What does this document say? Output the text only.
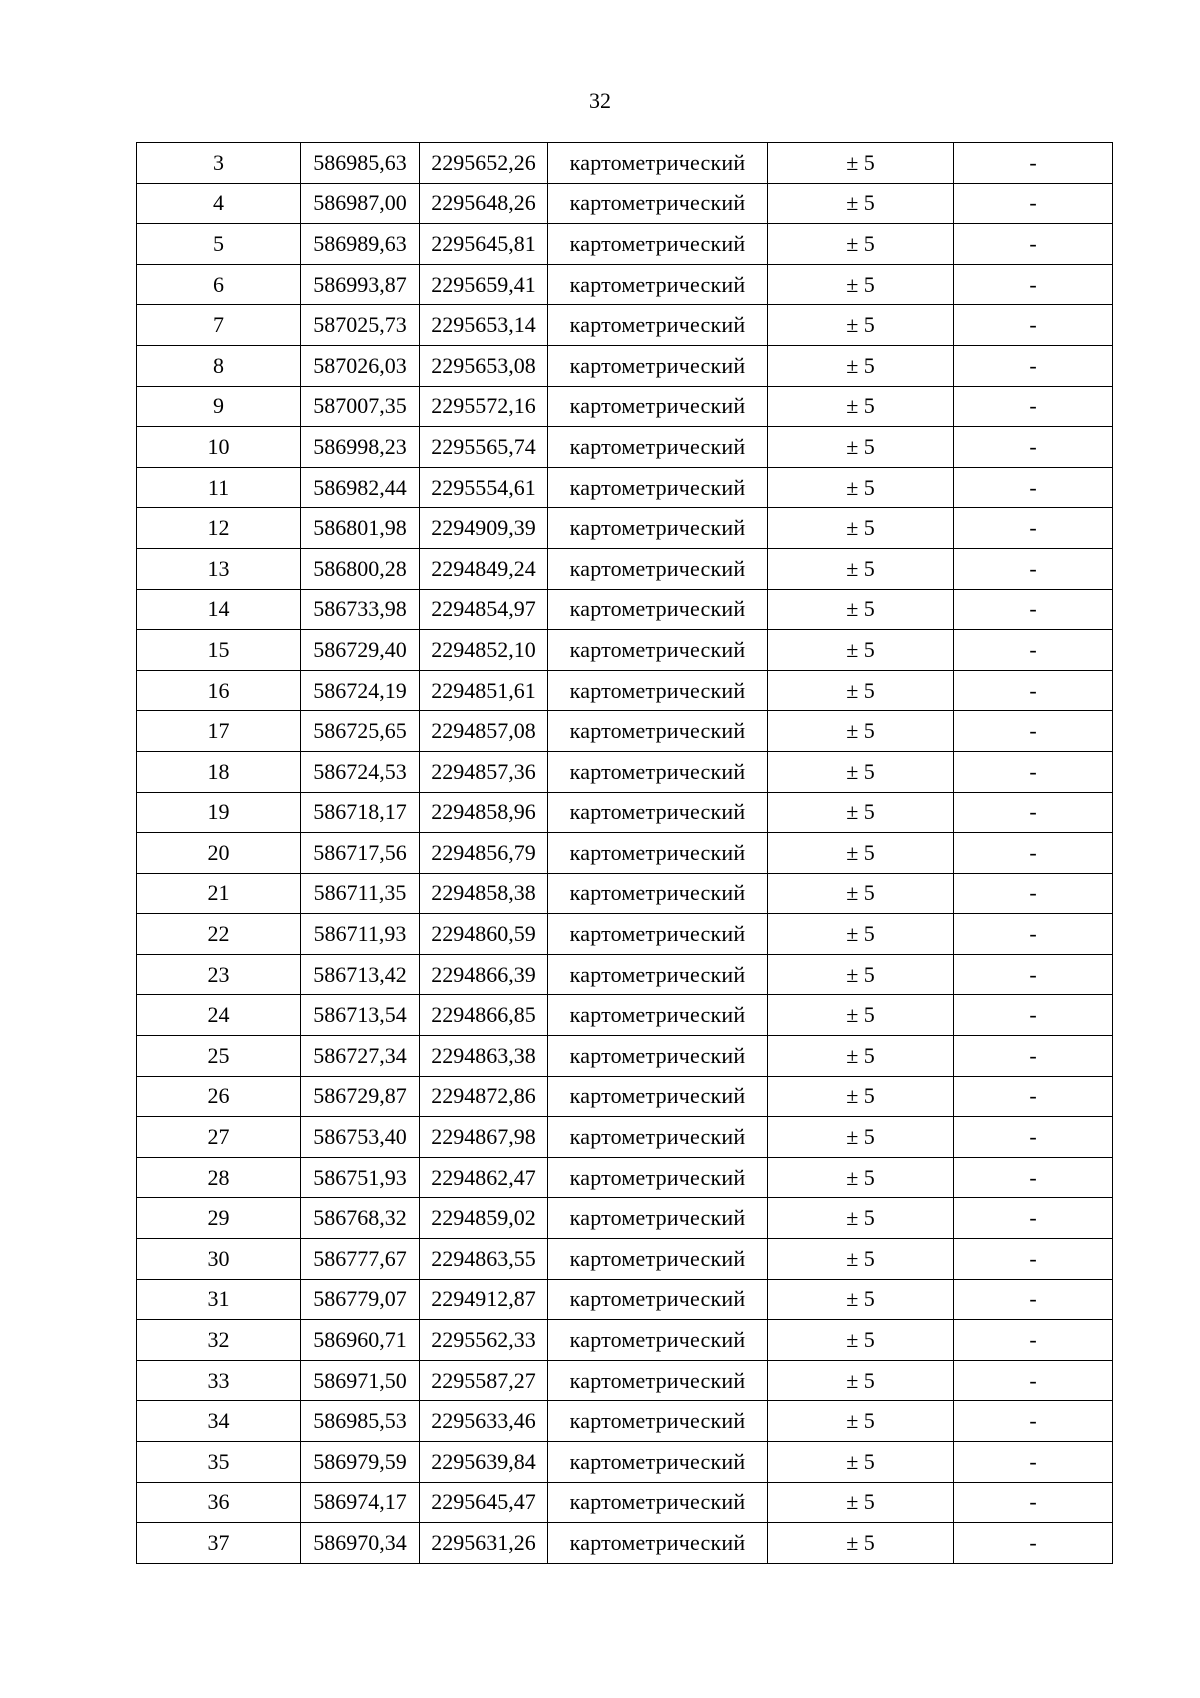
32
3	586985,63	2295652,26	картометрический	± 5	-
4	586987,00	2295648,26	картометрический	± 5	-
5	586989,63	2295645,81	картометрический	± 5	-
6	586993,87	2295659,41	картометрический	± 5	-
7	587025,73	2295653,14	картометрический	± 5	-
8	587026,03	2295653,08	картометрический	± 5	-
9	587007,35	2295572,16	картометрический	± 5	-
10	586998,23	2295565,74	картометрический	± 5	-
11	586982,44	2295554,61	картометрический	± 5	-
12	586801,98	2294909,39	картометрический	± 5	-
13	586800,28	2294849,24	картометрический	± 5	-
14	586733,98	2294854,97	картометрический	± 5	-
15	586729,40	2294852,10	картометрический	± 5	-
16	586724,19	2294851,61	картометрический	± 5	-
17	586725,65	2294857,08	картометрический	± 5	-
18	586724,53	2294857,36	картометрический	± 5	-
19	586718,17	2294858,96	картометрический	± 5	-
20	586717,56	2294856,79	картометрический	± 5	-
21	586711,35	2294858,38	картометрический	± 5	-
22	586711,93	2294860,59	картометрический	± 5	-
23	586713,42	2294866,39	картометрический	± 5	-
24	586713,54	2294866,85	картометрический	± 5	-
25	586727,34	2294863,38	картометрический	± 5	-
26	586729,87	2294872,86	картометрический	± 5	-
27	586753,40	2294867,98	картометрический	± 5	-
28	586751,93	2294862,47	картометрический	± 5	-
29	586768,32	2294859,02	картометрический	± 5	-
30	586777,67	2294863,55	картометрический	± 5	-
31	586779,07	2294912,87	картометрический	± 5	-
32	586960,71	2295562,33	картометрический	± 5	-
33	586971,50	2295587,27	картометрический	± 5	-
34	586985,53	2295633,46	картометрический	± 5	-
35	586979,59	2295639,84	картометрический	± 5	-
36	586974,17	2295645,47	картометрический	± 5	-
37	586970,34	2295631,26	картометрический	± 5	-
